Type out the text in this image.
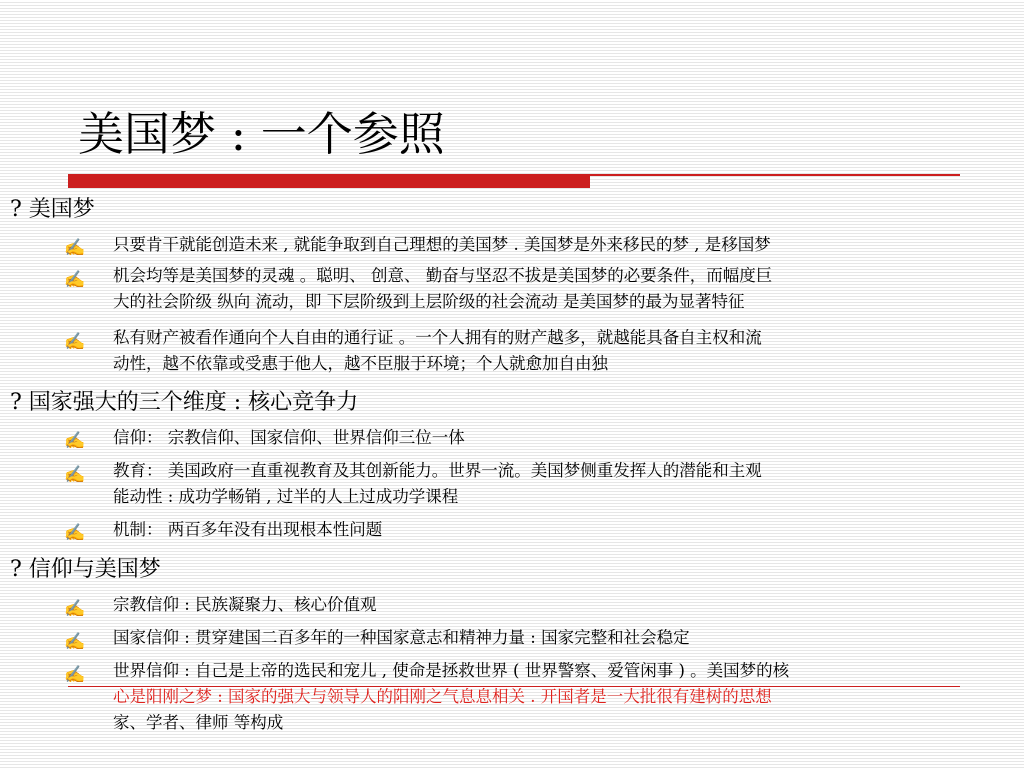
美国梦 : 一个参照
? 美国梦
✍ 只要肯干就能创造未来 , 就能争取到自己理想的美国梦 . 美国梦是外来移民的梦 , 是移国梦

✍ 机会均等是美国梦的灵魂 。聪明、 创意、 勤奋与坚忍不拔是美国梦的必要条件，而幅度巨
大的社会阶级 纵向 流动，即 下层阶级到上层阶级的社会流动 是美国梦的最为显著特征

✍ 私有财产被看作通向个人自由的通行证 。一个人拥有的财产越多，就越能具备自主权和流
动性，越不依靠或受惠于他人，越不臣服于环境；个人就愈加自由独

? 国家强大的三个维度 : 核心竞争力
✍ 信仰： 宗教信仰、国家信仰、世界信仰三位一体

✍ 教育： 美国政府一直重视教育及其创新能力。世界一流。美国梦侧重发挥人的潜能和主观
能动性 : 成功学畅销 , 过半的人上过成功学课程

✍ 机制： 两百多年没有出现根本性问题

? 信仰与美国梦
✍ 宗教信仰 : 民族凝聚力、核心价值观

✍ 国家信仰 : 贯穿建国二百多年的一种国家意志和精神力量 : 国家完整和社会稳定

✍ 世界信仰 : 自己是上帝的选民和宠儿 , 使命是拯救世界 ( 世界警察、爱管闲事 ) 。美国梦的核
心是阳刚之梦 : 国家的强大与领导人的阳刚之气息息相关 . 开国者是一大批很有建树的思想
家、学者、律师 等构成
